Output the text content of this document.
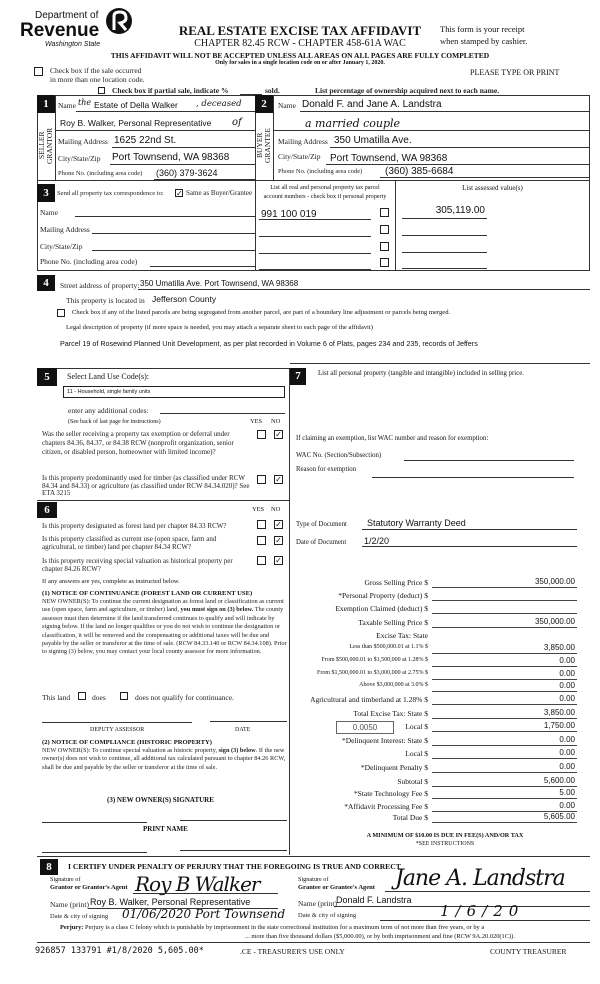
Department of
Revenue
Washington State
REAL ESTATE EXCISE TAX AFFIDAVIT
CHAPTER 82.45 RCW - CHAPTER 458-61A WAC
THIS AFFIDAVIT WILL NOT BE ACCEPTED UNLESS ALL AREAS ON ALL PAGES ARE FULLY COMPLETED
Only for sales in a single location code on or after January 1, 2020.
This form is your receipt
when stamped by cashier.
Check box if the sale occurred
in more than one location code.
PLEASE TYPE OR PRINT
Check box if partial sale, indicate %	sold.	List percentage of ownership acquired next to each name.
1
SELLER GRANTOR
Name the Estate of Della Walker , deceased
Roy B. Walker, Personal Representative of
Mailing Address 1625 22nd St.
City/State/Zip Port Townsend, WA 98368
Phone No. (including area code) (360) 379-3624
2
BUYER GRANTEE
Name Donald F. and Jane A. Landstra
a married couple
Mailing Address 350 Umatilla Ave.
City/State/Zip Port Townsend, WA 98368
Phone No. (including area code) (360) 385-6684
3	Send all property tax correspondence to: ✓ Same as Buyer/Grantee
Name
Mailing Address
City/State/Zip
Phone No. (including area code)
List all real and personal property tax parcel
account numbers - check box if personal property
List assessed value(s)
991 100 019	305,119.00
4	Street address of property: 350 Umatilla Ave. Port Townsend, WA 98368
This property is located in Jefferson County
Check box if any of the listed parcels are being segregated from another parcel, are part of a boundary line adjustment or parcels being merged.
Legal description of property (if more space is needed, you may attach a separate sheet to each page of the affidavit)
Parcel 19 of Rosewind Planned Unit Development, as per plat recorded in Volume 6 of Plats, pages 234 and 235, records of Jeffers
5	Select Land Use Code(s):
11 - Household, single family units
enter any additional codes:
(See back of last page for instructions)	YES NO
Was the seller receiving a property tax exemption or deferral under chapters 84.36, 84.37, or 84.38 RCW (nonprofit organization, senior citizen, or disabled person, homeowner with limited income)?
✓
Is this property predominantly used for timber (as classified under RCW 84.34 and 84.33) or agriculture (as classified under RCW 84.34.020)? See ETA 3215
✓
6	YES NO
Is this property designated as forest land per chapter 84.33 RCW?	✓
Is this property classified as current use (open space, farm and agricultural, or timber) land per chapter 84.34 RCW?
✓
Is this property receiving special valuation as historical property per chapter 84.26 RCW?
✓
If any answers are yes, complete as instructed below.
(1) NOTICE OF CONTINUANCE (FOREST LAND OR CURRENT USE)
NEW OWNER(S): To continue the current designation as forest land or classification as current use (open space, farm and agriculture, or timber) land, you must sign on (3) below. The county assessor must then determine if the land transferred continues to qualify and will indicate by signing below. If the land no longer qualifies or you do not wish to continue the designation or classification, it will be removed and the compensating or additional taxes will be due and payable by the seller or transferor at the time of sale. (RCW 84.33.140 or RCW 84.34.108). Prior to signing (3) below, you may contact your local county assessor for more information.
This land	does	does not qualify for continuance.
DEPUTY ASSESSOR	DATE
(2) NOTICE OF COMPLIANCE (HISTORIC PROPERTY)
NEW OWNER(S): To continue special valuation as historic property, sign (3) below. If the new owner(s) does not wish to continue, all additional tax calculated pursuant to chapter 84.26 RCW, shall be due and payable by the seller or transferor at the time of sale.
(3) NEW OWNER(S) SIGNATURE
PRINT NAME
7	List all personal property (tangible and intangible) included in selling price.
If claiming an exemption, list WAC number and reason for exemption:
WAC No. (Section/Subsection)
Reason for exemption
Type of Document Statutory Warranty Deed
Date of Document 1/2/20
Gross Selling Price $	350,000.00
*Personal Property (deduct) $
Exemption Claimed (deduct) $
Taxable Selling Price $	350,000.00
Excise Tax: State
Less than $500,000.01 at 1.1% $	3,850.00
From $500,000.01 to $1,500,000 at 1.28% $	0.00
From $1,500,000.01 to $3,000,000 at 2.75% $	0.00
Above $3,000,000 at 3.0% $	0.00
Agricultural and timberland at 1.28% $	0.00
Total Excise Tax: State $	3,850.00
Local $	1,750.00
*Delinquent Interest: State $	0.00
Local $	0.00
*Delinquent Penalty $	0.00
Subtotal $	5,600.00
*State Technology Fee $	5.00
*Affidavit Processing Fee $	0.00
Total Due $	5,605.00
0.0050
A MINIMUM OF $10.00 IS DUE IN FEE(S) AND/OR TAX
*SEE INSTRUCTIONS
8	I CERTIFY UNDER PENALTY OF PERJURY THAT THE FOREGOING IS TRUE AND CORRECT
Signature of
Grantor or Grantor's Agent Roy B Walker
Name (print) Roy B. Walker, Personal Representative
Date & city of signing 01/06/2020 Port Townsend
Signature of
Grantee or Grantee's Agent Jane A. Landstra
Name (print) Donald F. Landstra
Date & city of signing	1/6/20
Perjury: Perjury is a class C felony which is punishable by imprisonment in the state correctional institution for a maximum term of not more than five years, or by a
... more than five thousand dollars ($5,000.00), or by both imprisonment and fine (RCW 9A.20.020(1C)).
926857 133791 #1/8/2020 5,605.00*	.CE - TREASURER'S USE ONLY	COUNTY TREASURER
